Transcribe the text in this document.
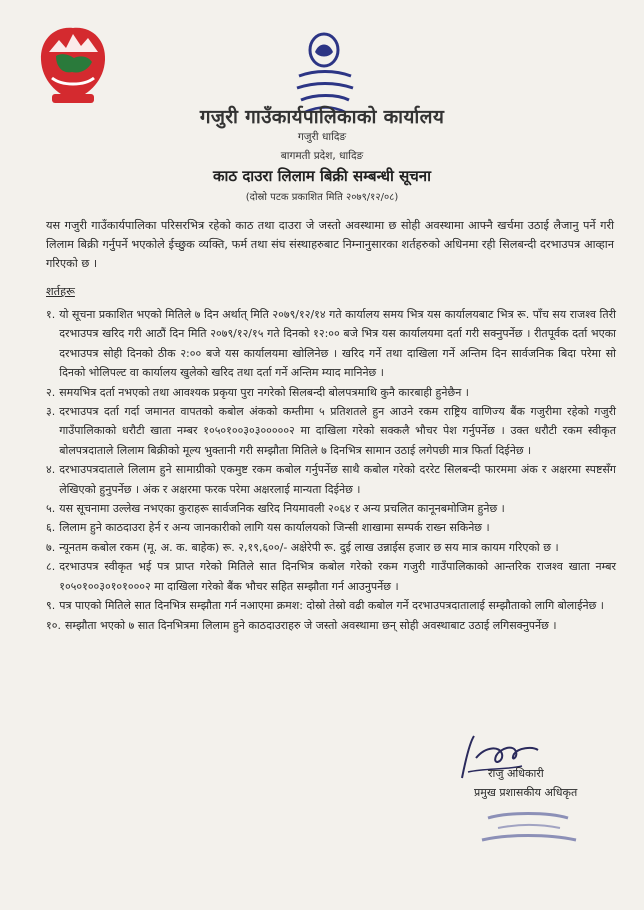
गजुरी गाउँकार्यपालिकाको कार्यालय
गजुरी धादिङ
बागमती प्रदेश, धादिङ
काठ दाउरा लिलाम बिक्री सम्बन्धी सूचना
(दोस्रो पटक प्रकाशित मिति २०७९/१२/०८)

यस गजुरी गाउँकार्यपालिका परिसरभित्र रहेको काठ तथा दाउरा जे जस्तो अवस्थामा छ सोही अवस्थामा आफ्नै खर्चमा उठाई लैजानु पर्ने गरी लिलाम बिक्री गर्नुपर्ने भएकोले ईच्छुक व्यक्ति, फर्म तथा संघ संस्थाहरुबाट निम्नानुसारका शर्तहरुको अधिनमा रही सिलबन्दी दरभाउपत्र आव्हान गरिएको छ ।

शर्तहरू
१. यो सूचना प्रकाशित भएको मितिले ७ दिन अर्थात् मिति २०७९/१२/१४ गते कार्यालय समय भित्र यस कार्यालयबाट भित्र रू. पाँच सय राजश्व तिरी दरभाउपत्र खरिद गरी आठौं दिन मिति २०७९/१२/१५ गते दिनको १२:०० बजे भित्र यस कार्यालयमा दर्ता गरी सक्नुपर्नेछ । रीतपूर्वक दर्ता भएका दरभाउपत्र सोही दिनको ठीक २:०० बजे यस कार्यालयमा खोलिनेछ । खरिद गर्ने तथा दाखिला गर्ने अन्तिम दिन सार्वजनिक बिदा परेमा सो दिनको भोलिपल्ट वा कार्यालय खुलेको खरिद तथा दर्ता गर्ने अन्तिम म्याद मानिनेछ ।
२. समयभित्र दर्ता नभएको तथा आवश्यक प्रकृया पुरा नगरेको सिलबन्दी बोलपत्रमाथि कुनै कारबाही हुनेछैन ।
३. दरभाउपत्र दर्ता गर्दा जमानत वापतको कबोल अंकको कम्तीमा ५ प्रतिशतले हुन आउने रकम राष्ट्रिय वाणिज्य बैंक गजुरीमा रहेको गजुरी गाउँपालिकाको धरौटी खाता नम्बर १०५०१००३०३०००००२ मा दाखिला गरेको सक्कलै भौचर पेश गर्नुपर्नेछ । उक्त धरौटी रकम स्वीकृत बोलपत्रदाताले लिलाम बिक्रीको मूल्य भुक्तानी गरी सम्झौता मितिले ७ दिनभित्र सामान उठाई लगेपछी मात्र फिर्ता दिईनेछ ।
४. दरभाउपत्रदाताले लिलाम हुने सामाग्रीको एकमुष्ट रकम कबोल गर्नुपर्नेछ साथै कबोल गरेको दररेट सिलबन्दी फारममा अंक र अक्षरमा स्पष्टसँग लेखिएको हुनुपर्नेछ । अंक र अक्षरमा फरक परेमा अक्षरलाई मान्यता दिईनेछ ।
५. यस सूचनामा उल्लेख नभएका कुराहरू सार्वजनिक खरिद नियमावली २०६४ र अन्य प्रचलित कानूनबमोजिम हुनेछ ।
६. लिलाम हुने काठदाउरा हेर्न र अन्य जानकारीको लागि यस कार्यालयको जिन्सी शाखामा सम्पर्क राख्न सकिनेछ ।
७. न्यूनतम कबोल रकम (मू. अ. क. बाहेक) रू. २,१९,६००/- अक्षेरेपी रू. दुई लाख उन्नाईस हजार छ सय मात्र कायम गरिएको छ ।
८. दरभाउपत्र स्वीकृत भई पत्र प्राप्त गरेको मितिले सात दिनभित्र कबोल गरेको रकम गजुरी गाउँपालिकाको आन्तरिक राजश्व खाता नम्बर १०५०१००३०१०१०००२ मा दाखिला गरेको बैंक भौचर सहित सम्झौता गर्न आउनुपर्नेछ ।
९. पत्र पाएको मितिले सात दिनभित्र सम्झौता गर्न नआएमा क्रमश: दोस्रो तेस्रो वढी कबोल गर्ने दरभाउपत्रदातालाई सम्झौताको लागि बोलाईनेछ ।
१०. सम्झौता भएको ७ सात दिनभित्रमा लिलाम हुने काठदाउराहरु जे जस्तो अवस्थामा छन् सोही अवस्थाबाट उठाई लगिसक्नुपर्नेछ ।
राजु अधिकारी
प्रमुख प्रशासकीय अधिकृत
